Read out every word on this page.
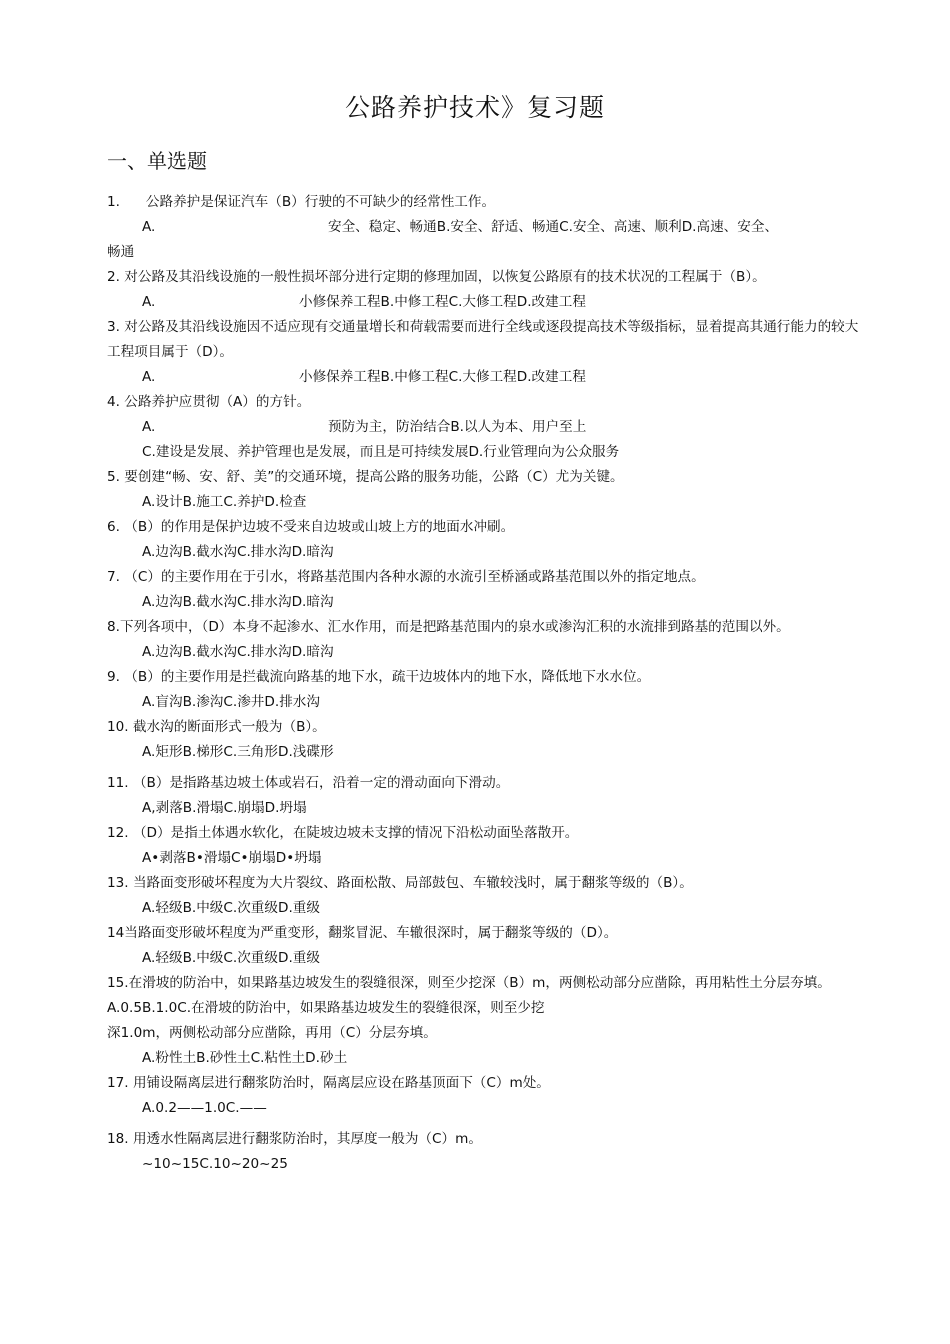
公路养护技术》复习题
一、单选题

1.      公路养护是保证汽车（B）行驶的不可缺少的经常性工作。

A.	安全、稳定、畅通B.安全、舒适、畅通C.安全、高速、顺利D.高速、安全、

畅通

2. 对公路及其沿线设施的一般性损坏部分进行定期的修理加固，以恢复公路原有的技术状况的工程属于（B）。

A.	小修保养工程B.中修工程C.大修工程D.改建工程

3. 对公路及其沿线设施因不适应现有交通量增长和荷载需要而进行全线或逐段提高技术等级指标，显着提高其通行能力的较大工程项目属于（D）。

A.	小修保养工程B.中修工程C.大修工程D.改建工程

4. 公路养护应贯彻（A）的方针。

A.	预防为主，防治结合B.以人为本、用户至上

C.建设是发展、养护管理也是发展，而且是可持续发展D.行业管理向为公众服务

5. 要创建“畅、安、舒、美”的交通环境，提高公路的服务功能，公路（C）尤为关键。

A.设计B.施工C.养护D.检查

6. （B）的作用是保护边坡不受来自边坡或山坡上方的地面水冲刷。

A.边沟B.截水沟C.排水沟D.暗沟

7. （C）的主要作用在于引水，将路基范围内各种水源的水流引至桥涵或路基范围以外的指定地点。

A.边沟B.截水沟C.排水沟D.暗沟

8.下列各项中，（D）本身不起渗水、汇水作用，而是把路基范围内的泉水或渗沟汇积的水流排到路基的范围以外。

A.边沟B.截水沟C.排水沟D.暗沟

9. （B）的主要作用是拦截流向路基的地下水，疏干边坡体内的地下水，降低地下水水位。

A.盲沟B.渗沟C.渗井D.排水沟

10. 截水沟的断面形式一般为（B）。

A.矩形B.梯形C.三角形D.浅碟形

11. （B）是指路基边坡土体或岩石，沿着一定的滑动面向下滑动。

A,剥落B.滑塌C.崩塌D.坍塌

12. （D）是指土体遇水软化，在陡坡边坡未支撑的情况下沿松动面坠落散开。

A•剥落B•滑塌C•崩塌D•坍塌

13. 当路面变形破坏程度为大片裂纹、路面松散、局部鼓包、车辙较浅时，属于翻浆等级的（B）。

A.轻级B.中级C.次重级D.重级

14当路面变形破坏程度为严重变形，翻浆冒泥、车辙很深时，属于翻浆等级的（D）。

A.轻级B.中级C.次重级D.重级

15.在滑坡的防治中，如果路基边坡发生的裂缝很深，则至少挖深（B）m，两侧松动部分应凿除，再用粘性土分层夯填。

A.0.5B.1.0C.在滑坡的防治中，如果路基边坡发生的裂缝很深，则至少挖

深1.0m，两侧松动部分应凿除，再用（C）分层夯填。

A.粉性土B.砂性土C.粘性土D.砂土

17. 用铺设隔离层进行翻浆防治时，隔离层应设在路基顶面下（C）m处。

A.0.2——1.0C.——

18. 用透水性隔离层进行翻浆防治时，其厚度一般为（C）m。

~10~15C.10~20~25
